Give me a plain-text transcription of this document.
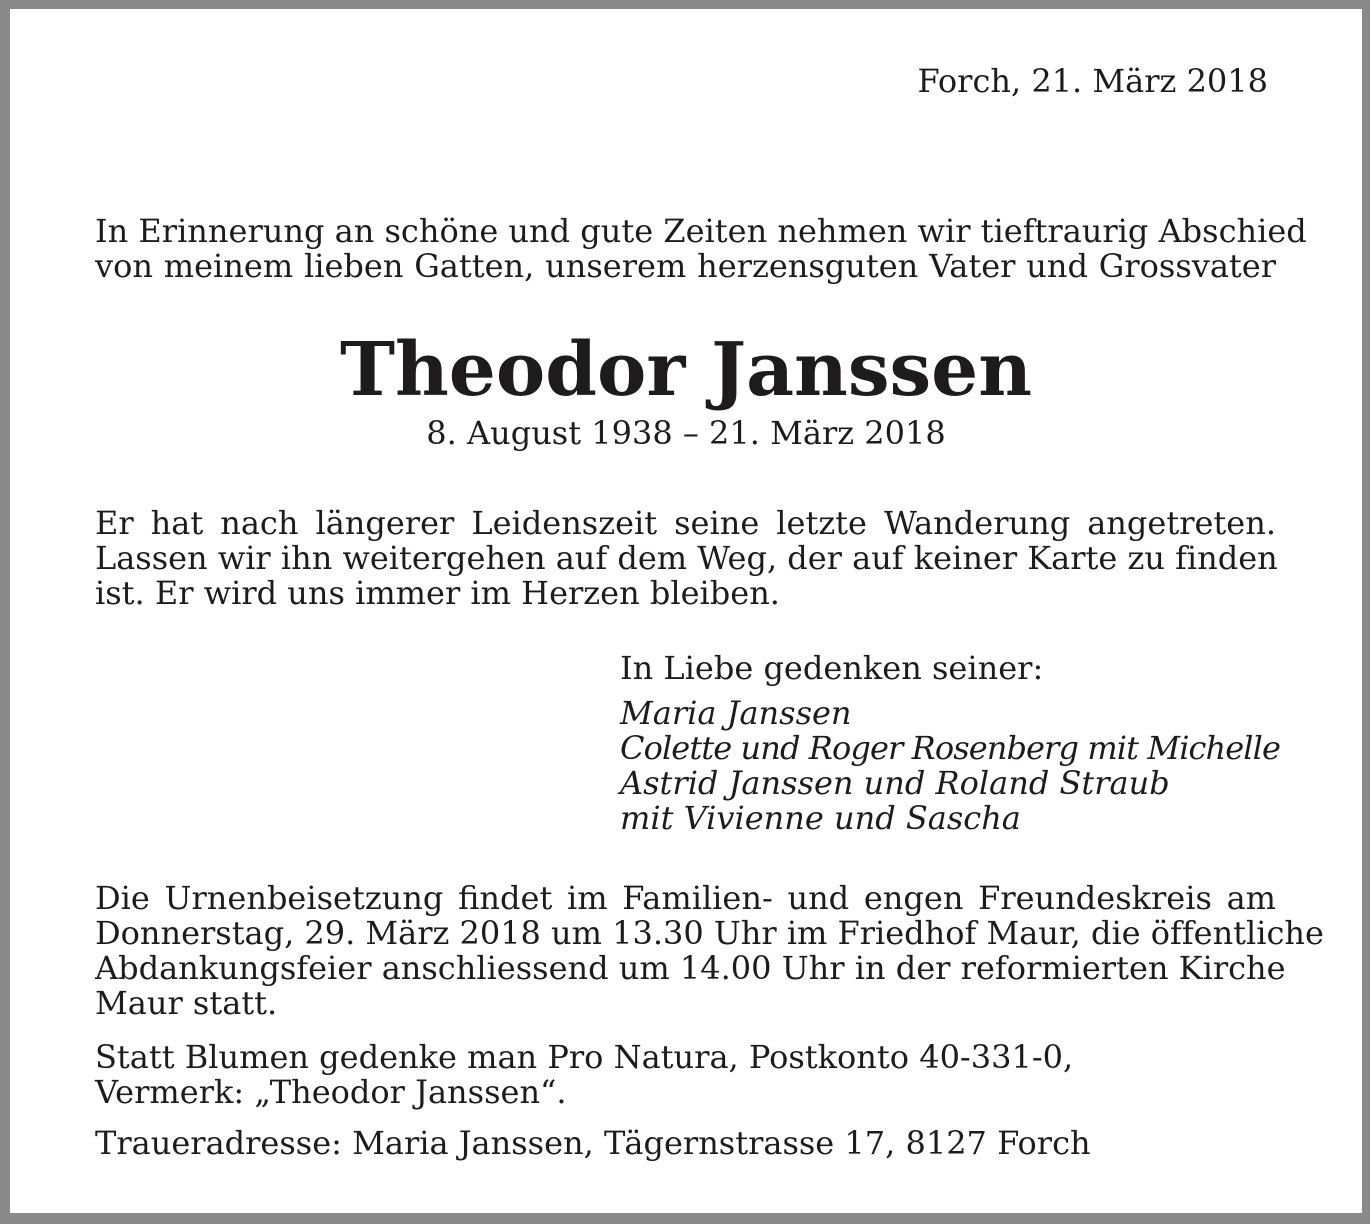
Forch, 21. März 2018
In Erinnerung an schöne und gute Zeiten nehmen wir tieftraurig Abschied
von meinem lieben Gatten, unserem herzensguten Vater und Grossvater
Theodor Janssen
8. August 1938 – 21. März 2018
Er hat nach längerer Leidenszeit seine letzte Wanderung angetreten.
Lassen wir ihn weitergehen auf dem Weg, der auf keiner Karte zu finden
ist. Er wird uns immer im Herzen bleiben.
In Liebe gedenken seiner:
Maria Janssen
Colette und Roger Rosenberg mit Michelle
Astrid Janssen und Roland Straub
mit Vivienne und Sascha
Die Urnenbeisetzung findet im Familien- und engen Freundeskreis am
Donnerstag, 29. März 2018 um 13.30 Uhr im Friedhof Maur, die öffentliche
Abdankungsfeier anschliessend um 14.00 Uhr in der reformierten Kirche
Maur statt.
Statt Blumen gedenke man Pro Natura, Postkonto 40-331-0,
Vermerk: „Theodor Janssen“.
Traueradresse: Maria Janssen, Tägernstrasse 17, 8127 Forch
